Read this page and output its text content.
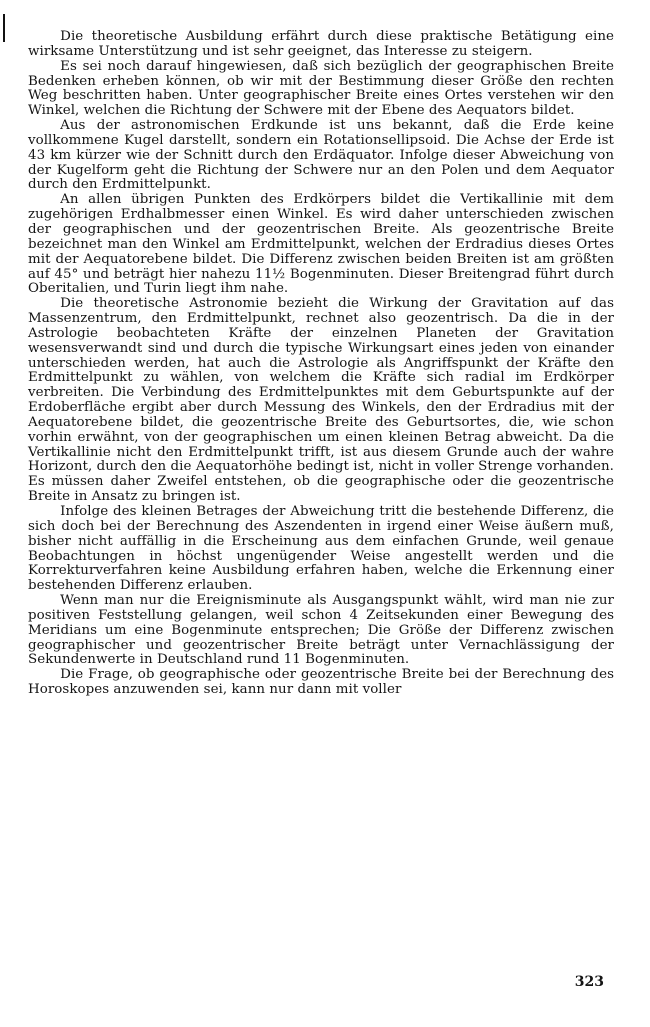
Die theoretische Ausbildung erfährt durch diese praktische Betätigung eine wirksame Unterstützung und ist sehr geeignet, das Interesse zu steigern.

Es sei noch darauf hingewiesen, daß sich bezüglich der geographischen Breite Bedenken erheben können, ob wir mit der Bestimmung dieser Größe den rechten Weg beschritten haben. Unter geographischer Breite eines Ortes verstehen wir den Winkel, welchen die Richtung der Schwere mit der Ebene des Aequators bildet.

Aus der astronomischen Erdkunde ist uns bekannt, daß die Erde keine vollkommene Kugel darstellt, sondern ein Rotationsellipsoid. Die Achse der Erde ist 43 km kürzer wie der Schnitt durch den Erdäquator. Infolge dieser Abweichung von der Kugelform geht die Richtung der Schwere nur an den Polen und dem Aequator durch den Erdmittelpunkt.

An allen übrigen Punkten des Erdkörpers bildet die Vertikallinie mit dem zugehörigen Erdhalbmesser einen Winkel. Es wird daher unterschieden zwischen der geographischen und der geozentrischen Breite. Als geozentrische Breite bezeichnet man den Winkel am Erdmittelpunkt, welchen der Erdradius dieses Ortes mit der Aequatorebene bildet. Die Differenz zwischen beiden Breiten ist am größten auf 45° und beträgt hier nahezu 11½ Bogenminuten. Dieser Breitengrad führt durch Oberitalien, und Turin liegt ihm nahe.

Die theoretische Astronomie bezieht die Wirkung der Gravitation auf das Massenzentrum, den Erdmittelpunkt, rechnet also geozentrisch. Da die in der Astrologie beobachteten Kräfte der einzelnen Planeten der Gravitation wesensverwandt sind und durch die typische Wirkungsart eines jeden von einander unterschieden werden, hat auch die Astrologie als Angriffspunkt der Kräfte den Erdmittelpunkt zu wählen, von welchem die Kräfte sich radial im Erdkörper verbreiten. Die Verbindung des Erdmittelpunktes mit dem Geburtspunkte auf der Erdoberfläche ergibt aber durch Messung des Winkels, den der Erdradius mit der Aequatorebene bildet, die geozentrische Breite des Geburtsortes, die, wie schon vorhin erwähnt, von der geographischen um einen kleinen Betrag abweicht. Da die Vertikallinie nicht den Erdmittelpunkt trifft, ist aus diesem Grunde auch der wahre Horizont, durch den die Aequatorhöhe bedingt ist, nicht in voller Strenge vorhanden. Es müssen daher Zweifel entstehen, ob die geographische oder die geozentrische Breite in Ansatz zu bringen ist.

Infolge des kleinen Betrages der Abweichung tritt die bestehende Differenz, die sich doch bei der Berechnung des Aszendenten in irgend einer Weise äußern muß, bisher nicht auffällig in die Erscheinung aus dem einfachen Grunde, weil genaue Beobachtungen in höchst ungenügender Weise angestellt werden und die Korrekturverfahren keine Ausbildung erfahren haben, welche die Erkennung einer bestehenden Differenz erlauben.

Wenn man nur die Ereignisminute als Ausgangspunkt wählt, wird man nie zur positiven Feststellung gelangen, weil schon 4 Zeitsekunden einer Bewegung des Meridians um eine Bogenminute entsprechen; Die Größe der Differenz zwischen geographischer und geozentrischer Breite beträgt unter Vernachlässigung der Sekundenwerte in Deutschland rund 11 Bogenminuten.

Die Frage, ob geographische oder geozentrische Breite bei der Berechnung des Horoskopes anzuwenden sei, kann nur dann mit voller

323
